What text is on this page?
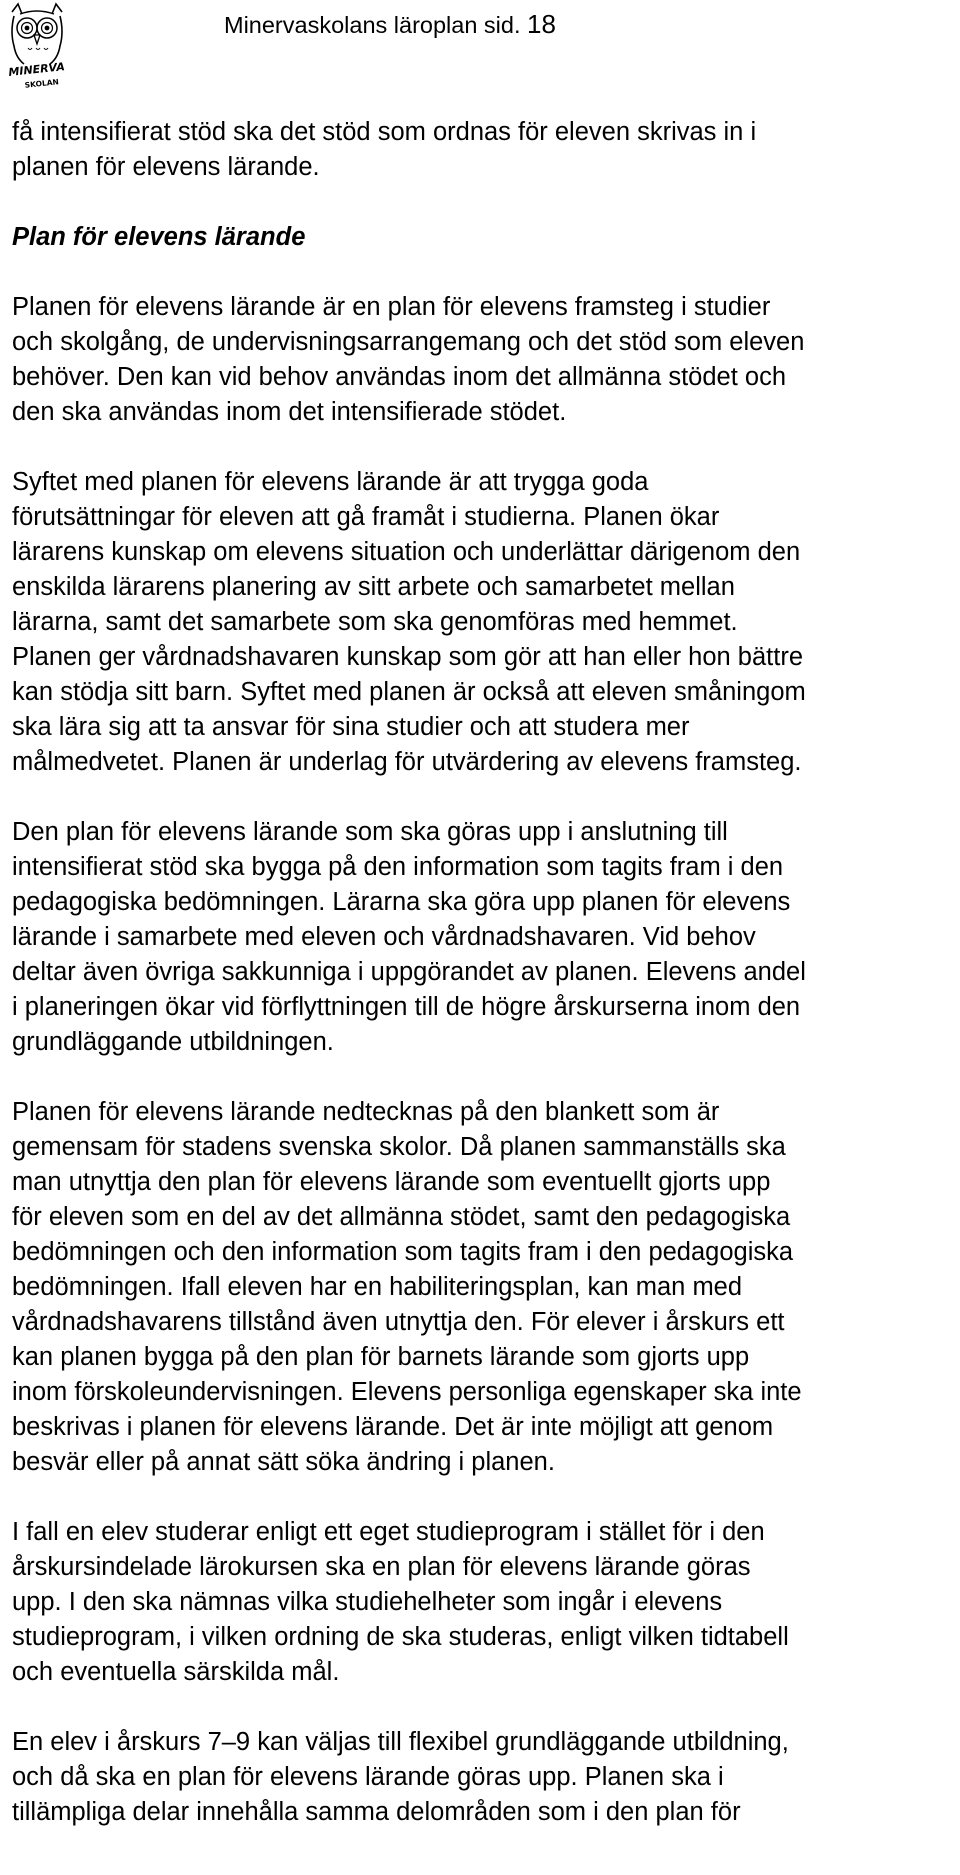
MINERVA
SKOLAN
Minervaskolans läroplan sid. 18

få intensifierat stöd ska det stöd som ordnas för eleven skrivas in i
planen för elevens lärande.

Plan för elevens lärande

Planen för elevens lärande är en plan för elevens framsteg i studier
och skolgång, de undervisningsarrangemang och det stöd som eleven
behöver. Den kan vid behov användas inom det allmänna stödet och
den ska användas inom det intensifierade stödet.

Syftet med planen för elevens lärande är att trygga goda
förutsättningar för eleven att gå framåt i studierna. Planen ökar
lärarens kunskap om elevens situation och underlättar därigenom den
enskilda lärarens planering av sitt arbete och samarbetet mellan
lärarna, samt det samarbete som ska genomföras med hemmet.
Planen ger vårdnadshavaren kunskap som gör att han eller hon bättre
kan stödja sitt barn. Syftet med planen är också att eleven småningom
ska lära sig att ta ansvar för sina studier och att studera mer
målmedvetet. Planen är underlag för utvärdering av elevens framsteg.

Den plan för elevens lärande som ska göras upp i anslutning till
intensifierat stöd ska bygga på den information som tagits fram i den
pedagogiska bedömningen. Lärarna ska göra upp planen för elevens
lärande i samarbete med eleven och vårdnadshavaren. Vid behov
deltar även övriga sakkunniga i uppgörandet av planen. Elevens andel
i planeringen ökar vid förflyttningen till de högre årskurserna inom den
grundläggande utbildningen.

Planen för elevens lärande nedtecknas på den blankett som är
gemensam för stadens svenska skolor. Då planen sammanställs ska
man utnyttja den plan för elevens lärande som eventuellt gjorts upp
för eleven som en del av det allmänna stödet, samt den pedagogiska
bedömningen och den information som tagits fram i den pedagogiska
bedömningen. Ifall eleven har en habiliteringsplan, kan man med
vårdnadshavarens tillstånd även utnyttja den. För elever i årskurs ett
kan planen bygga på den plan för barnets lärande som gjorts upp
inom förskoleundervisningen. Elevens personliga egenskaper ska inte
beskrivas i planen för elevens lärande. Det är inte möjligt att genom
besvär eller på annat sätt söka ändring i planen.

I fall en elev studerar enligt ett eget studieprogram i stället för i den
årskursindelade lärokursen ska en plan för elevens lärande göras
upp. I den ska nämnas vilka studiehelheter som ingår i elevens
studieprogram, i vilken ordning de ska studeras, enligt vilken tidtabell
och eventuella särskilda mål.

En elev i årskurs 7–9 kan väljas till flexibel grundläggande utbildning,
och då ska en plan för elevens lärande göras upp. Planen ska i
tillämpliga delar innehålla samma delområden som i den plan för
